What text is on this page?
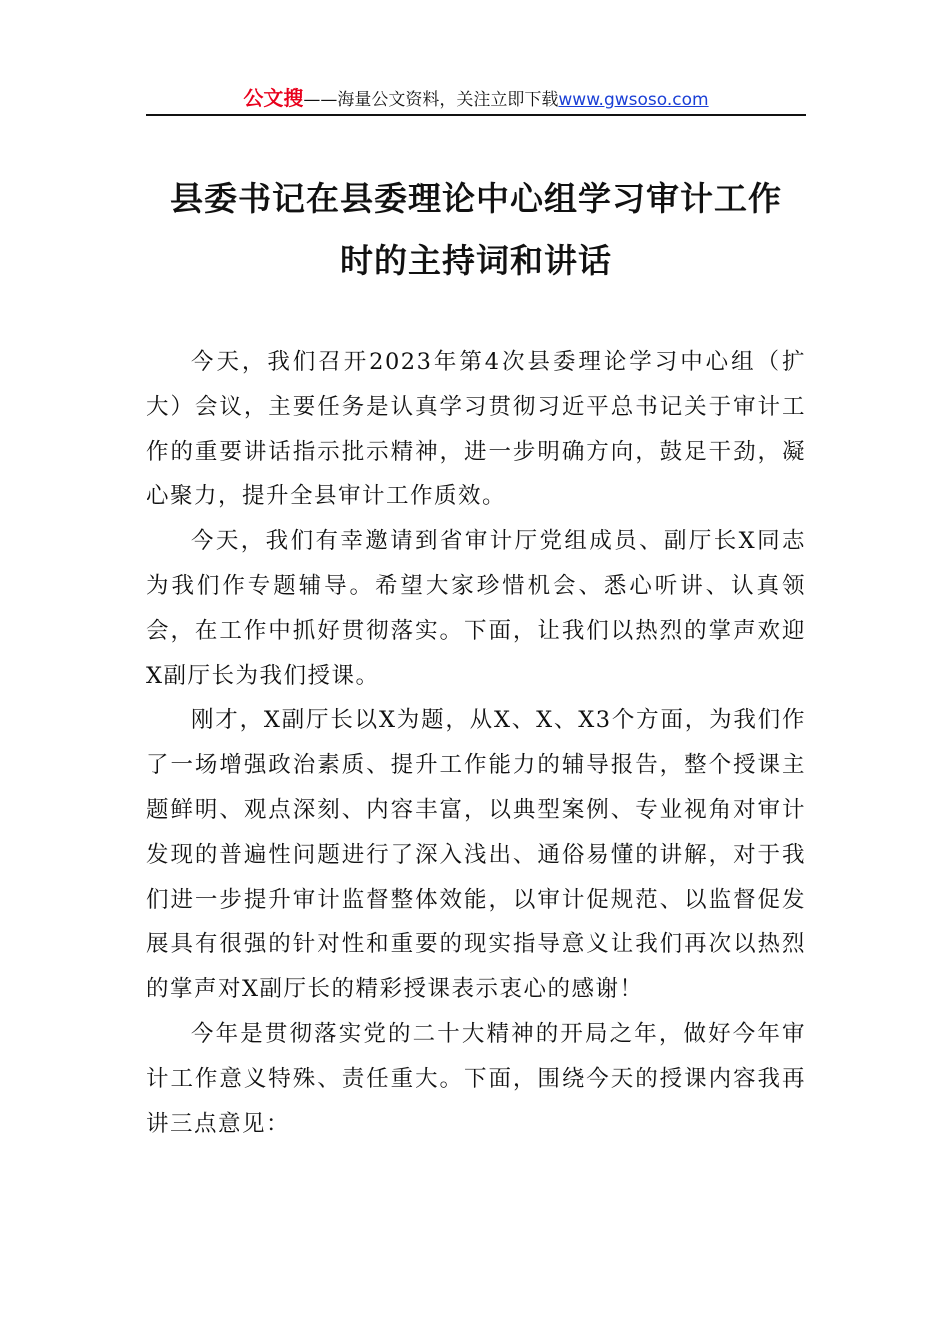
公文搜——海量公文资料，关注立即下载www.gwsoso.com
县委书记在县委理论中心组学习审计工作
时的主持词和讲话

今天，我们召开2023年第4次县委理论学习中心组（扩大）会议，主要任务是认真学习贯彻习近平总书记关于审计工作的重要讲话指示批示精神，进一步明确方向，鼓足干劲，凝心聚力，提升全县审计工作质效。

今天，我们有幸邀请到省审计厅党组成员、副厅长X同志为我们作专题辅导。希望大家珍惜机会、悉心听讲、认真领会，在工作中抓好贯彻落实。下面，让我们以热烈的掌声欢迎X副厅长为我们授课。

刚才，X副厅长以X为题，从X、X、X3个方面，为我们作了一场增强政治素质、提升工作能力的辅导报告，整个授课主题鲜明、观点深刻、内容丰富，以典型案例、专业视角对审计发现的普遍性问题进行了深入浅出、通俗易懂的讲解，对于我们进一步提升审计监督整体效能，以审计促规范、以监督促发展具有很强的针对性和重要的现实指导意义让我们再次以热烈的掌声对X副厅长的精彩授课表示衷心的感谢！

今年是贯彻落实党的二十大精神的开局之年，做好今年审计工作意义特殊、责任重大。下面，围绕今天的授课内容我再讲三点意见：
